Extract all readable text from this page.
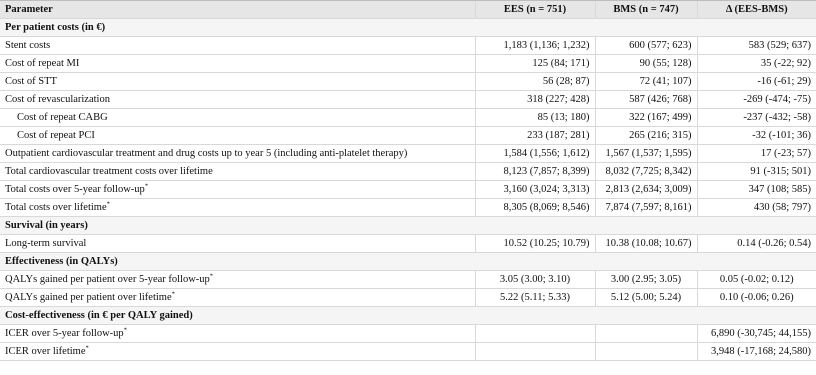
Parameter	EES (n = 751)	BMS (n = 747)	Δ (EES-BMS)
Per patient costs (in €)			
Stent costs	1,183 (1,136; 1,232)	600 (577; 623)	583 (529; 637)
Cost of repeat MI	125 (84; 171)	90 (55; 128)	35 (-22; 92)
Cost of STT	56 (28; 87)	72 (41; 107)	-16 (-61; 29)
Cost of revascularization	318 (227; 428)	587 (426; 768)	-269 (-474; -75)
Cost of repeat CABG	85 (13; 180)	322 (167; 499)	-237 (-432; -58)
Cost of repeat PCI	233 (187; 281)	265 (216; 315)	-32 (-101; 36)
Outpatient cardiovascular treatment and drug costs up to year 5 (including anti-platelet therapy)	1,584 (1,556; 1,612)	1,567 (1,537; 1,595)	17 (-23; 57)
Total cardiovascular treatment costs over lifetime	8,123 (7,857; 8,399)	8,032 (7,725; 8,342)	91 (-315; 501)
Total costs over 5-year follow-up*	3,160 (3,024; 3,313)	2,813 (2,634; 3,009)	347 (108; 585)
Total costs over lifetime*	8,305 (8,069; 8,546)	7,874 (7,597; 8,161)	430 (58; 797)
Survival (in years)			
Long-term survival	10.52 (10.25; 10.79)	10.38 (10.08; 10.67)	0.14 (-0.26; 0.54)
Effectiveness (in QALYs)			
QALYs gained per patient over 5-year follow-up*	3.05 (3.00; 3.10)	3.00 (2.95; 3.05)	0.05 (-0.02; 0.12)
QALYs gained per patient over lifetime*	5.22 (5.11; 5.33)	5.12 (5.00; 5.24)	0.10 (-0.06; 0.26)
Cost-effectiveness (in € per QALY gained)			
ICER over 5-year follow-up*			6,890 (-30,745; 44,155)
ICER over lifetime*			3,948 (-17,168; 24,580)
